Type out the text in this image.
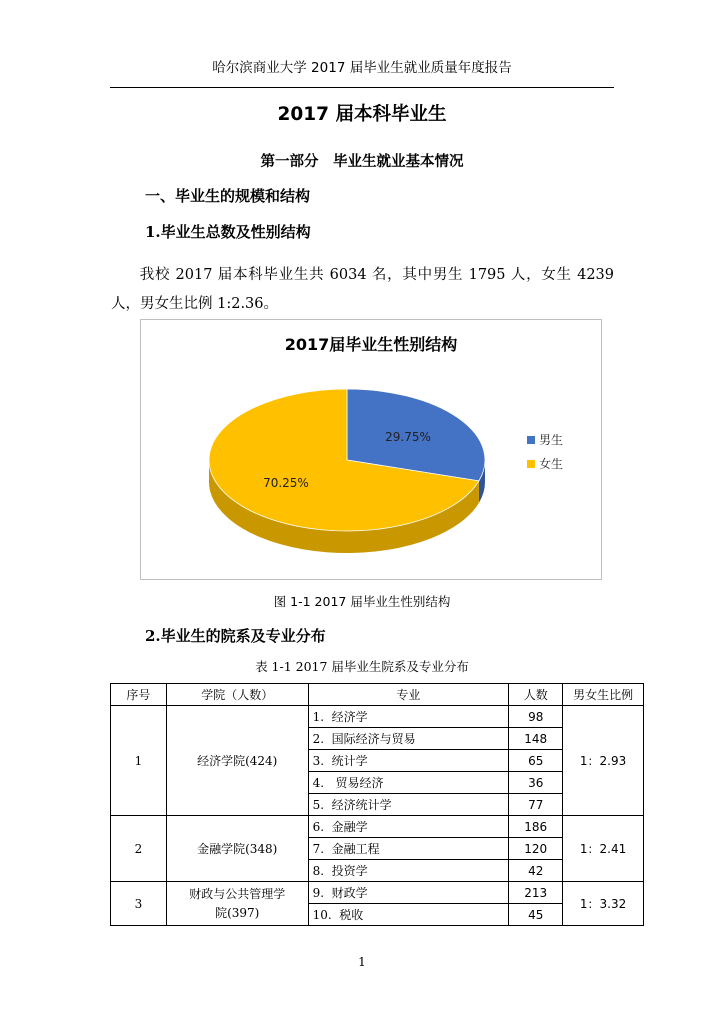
哈尔滨商业大学 2017 届毕业生就业质量年度报告
2017 届本科毕业生
第一部分　毕业生就业基本情况
一、毕业生的规模和结构
1.毕业生总数及性别结构
我校 2017 届本科毕业生共 6034 名，其中男生 1795 人，女生 4239 人，男女生比例 1:2.36。
2017届毕业生性别结构
29.75%
70.25%
男生
女生
图 1-1 2017 届毕业生性别结构
2.毕业生的院系及专业分布
表 1-1 2017 届毕业生院系及专业分布
序号	学院（人数）	专业	人数	男女生比例
1	经济学院(424)	1.  经济学	98	1：2.93
		2.  国际经济与贸易	148	
		3.  统计学	65	
		4.   贸易经济	36	
		5.  经济统计学	77	
2	金融学院(348)	6.  金融学	186	1：2.41
		7.  金融工程	120	
		8.  投资学	42	
3	财政与公共管理学院(397)	9.  财政学	213	1：3.32
		10.  税收	45	
1
